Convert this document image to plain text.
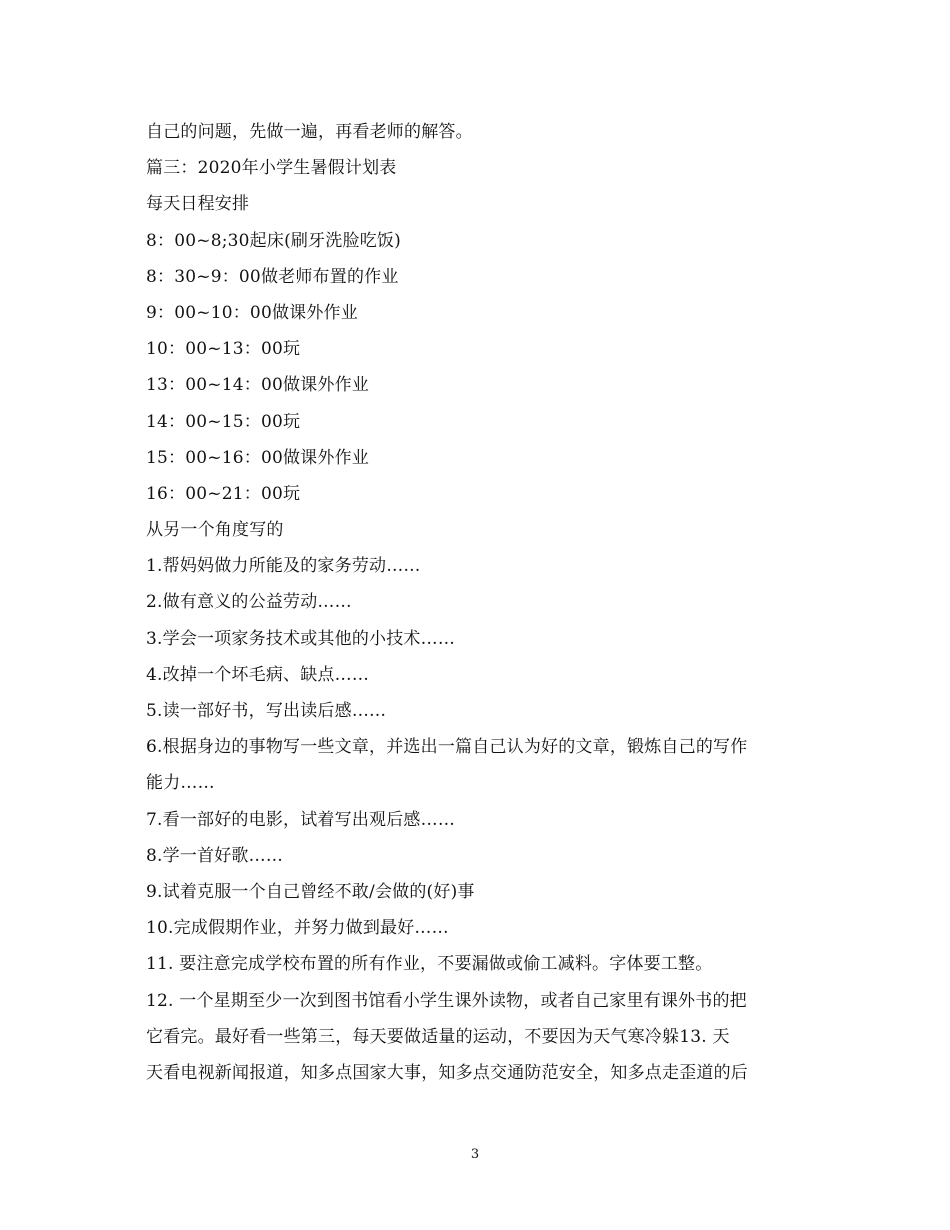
自己的问题，先做一遍，再看老师的解答。
篇三：2020年小学生暑假计划表
每天日程安排
8：00~8;30起床(刷牙洗脸吃饭)
8：30~9：00做老师布置的作业
9：00~10：00做课外作业
10：00~13：00玩
13：00~14：00做课外作业
14：00~15：00玩
15：00~16：00做课外作业
16：00~21：00玩
从另一个角度写的
1.帮妈妈做力所能及的家务劳动……
2.做有意义的公益劳动……
3.学会一项家务技术或其他的小技术……
4.改掉一个坏毛病、缺点……
5.读一部好书，写出读后感……
6.根据身边的事物写一些文章，并选出一篇自己认为好的文章，锻炼自己的写作
能力……
7.看一部好的电影，试着写出观后感……
8.学一首好歌……
9.试着克服一个自己曾经不敢/会做的(好)事
10.完成假期作业，并努力做到最好……
11. 要注意完成学校布置的所有作业，不要漏做或偷工减料。字体要工整。
12. 一个星期至少一次到图书馆看小学生课外读物，或者自己家里有课外书的把
它看完。最好看一些第三，每天要做适量的运动，不要因为天气寒冷躲13. 天
天看电视新闻报道，知多点国家大事，知多点交通防范安全，知多点走歪道的后
3
